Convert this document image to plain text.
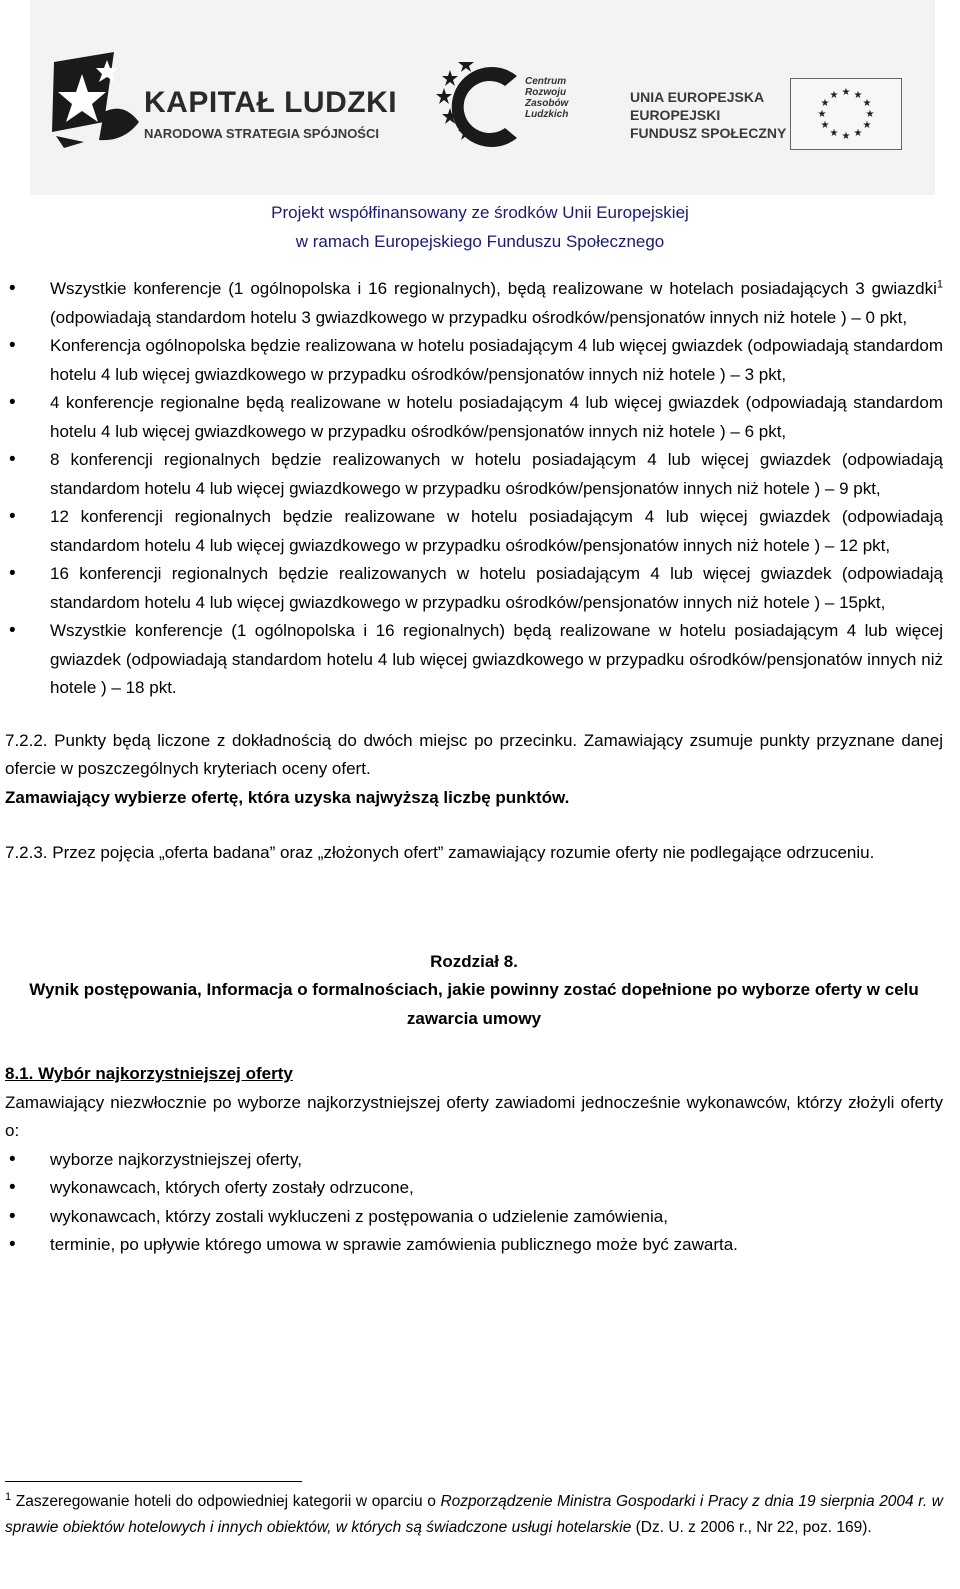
KAPITAŁ LUDZKI
NARODOWA STRATEGIA SPÓJNOŚCI
Centrum
Rozwoju
Zasobów
Ludzkich
UNIA EUROPEJSKA
EUROPEJSKI
FUNDUSZ SPOŁECZNY
★ ★
★
★
★
★
★
★
★
★
★
★
Projekt współfinansowany ze środków Unii Europejskiej
w ramach Europejskiego Funduszu Społecznego
• Wszystkie konferencje (1 ogólnopolska i 16 regionalnych), będą realizowane w hotelach posiadających 3 gwiazdki$^1$ (odpowiadają standardom hotelu 3 gwiazdkowego w przypadku ośrodków/pensjonatów innych niż hotele ) – 0 pkt,
• Konferencja ogólnopolska będzie realizowana w hotelu posiadającym 4 lub więcej gwiazdek (odpowiadają standardom hotelu 4 lub więcej gwiazdkowego w przypadku ośrodków/pensjonatów innych niż hotele ) – 3 pkt,
• 4 konferencje regionalne będą realizowane w hotelu posiadającym 4 lub więcej gwiazdek (odpowiadają standardom hotelu 4 lub więcej gwiazdkowego w przypadku ośrodków/pensjonatów innych niż hotele ) – 6 pkt,
• 8 konferencji regionalnych będzie realizowanych w hotelu posiadającym 4 lub więcej gwiazdek (odpowiadają standardom hotelu 4 lub więcej gwiazdkowego w przypadku ośrodków/pensjonatów innych niż hotele ) – 9 pkt,
• 12 konferencji regionalnych będzie realizowane w hotelu posiadającym 4 lub więcej gwiazdek (odpowiadają standardom hotelu 4 lub więcej gwiazdkowego w przypadku ośrodków/pensjonatów innych niż hotele ) – 12 pkt,
• 16 konferencji regionalnych będzie realizowanych w hotelu posiadającym 4 lub więcej gwiazdek (odpowiadają standardom hotelu 4 lub więcej gwiazdkowego w przypadku ośrodków/pensjonatów innych niż hotele ) – 15pkt,
• Wszystkie konferencje (1 ogólnopolska i 16 regionalnych) będą realizowane w hotelu posiadającym 4 lub więcej gwiazdek (odpowiadają standardom hotelu 4 lub więcej gwiazdkowego w przypadku ośrodków/pensjonatów innych niż hotele ) – 18 pkt.

7.2.2. Punkty będą liczone z dokładnością do dwóch miejsc po przecinku. Zamawiający zsumuje punkty przyznane danej ofercie w poszczególnych kryteriach oceny ofert.

Zamawiający wybierze ofertę, która uzyska najwyższą liczbę punktów.

7.2.3. Przez pojęcia „oferta badana” oraz „złożonych ofert” zamawiający rozumie oferty nie podlegające odrzuceniu.

Rozdział 8.

Wynik postępowania, Informacja o formalnościach, jakie powinny zostać dopełnione po wyborze oferty w celu zawarcia umowy

8.1. Wybór najkorzystniejszej oferty

Zamawiający niezwłocznie po wyborze najkorzystniejszej oferty zawiadomi jednocześnie wykonawców, którzy złożyli oferty o:

• wyborze najkorzystniejszej oferty,
• wykonawcach, których oferty zostały odrzucone,
• wykonawcach, którzy zostali wykluczeni z postępowania o udzielenie zamówienia,
• terminie, po upływie którego umowa w sprawie zamówienia publicznego może być zawarta.
$^1$ Zaszeregowanie hoteli do odpowiedniej kategorii w oparciu o Rozporządzenie Ministra Gospodarki i Pracy z dnia 19 sierpnia 2004 r. w sprawie obiektów hotelowych i innych obiektów, w których są świadczone usługi hotelarskie (Dz. U. z 2006 r., Nr 22, poz. 169).
